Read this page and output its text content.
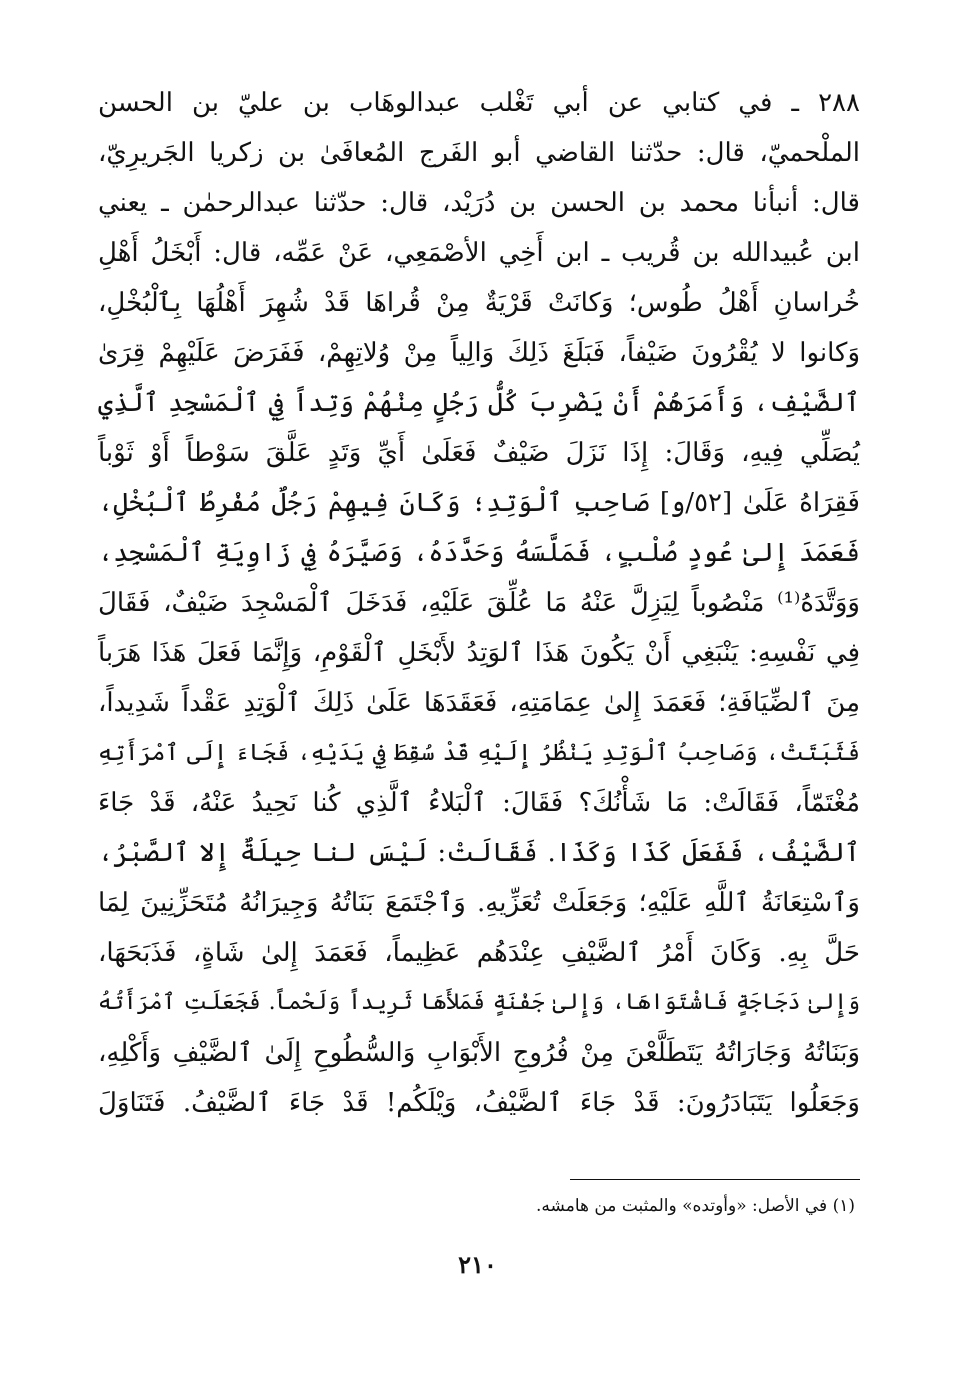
٢٨٨ ـ في كتابي عن أبي تَغْلب عبدالوهَاب بن عليّ بن الحسن
الملْحميّ، قال: حدّثنا القاضي أبو الفَرج المُعافَىٰ بن زكريا الجَريرِيّ،
قال: أنبأنا محمد بن الحسن بن دُرَيْد، قال: حدّثنا عبدالرحمٰن ـ يعني
ابن عُبيدالله بن قُريب ـ ابن أَخِي الأصْمَعِي، عَنْ عَمِّه، قال: أَبْخَلُ أَهْلِ
خُراسانِ أَهْلُ طُوس؛ وَكانَتْ قَرْيَةٌ مِنْ قُراهَا قَدْ شُهِرَ أَهْلُهَا بِٱلْبُخْلِ،
وَكانوا لا يُقْرُونَ ضَيْفاً، فَبَلَغَ ذَلِكَ وَالِياً مِنْ وُلاتِهِمْ، فَفَرَضَ عَلَيْهِمْ قِرَىٰ
ٱلضَّيْفِ، وَأَمَرَهُمْ أَنْ يَضْرِبَ كُلُّ رَجُلٍ مِنْهُمْ وَتِداً فِي ٱلْمَسْجِدِ ٱلَّذِي
يُصَلِّي فِيهِ، وَقَالَ: إِذَا نَزَلَ ضَيْفٌ فَعَلَىٰ أَيِّ وَتَدٍ عَلَّقَ سَوْطاً أَوْ ثَوْباً
فَقِرَاهُ عَلَىٰ [٥٢/و] صَاحِبِ ٱلْوَتِدِ؛ وَكَانَ فِيهِمْ رَجُلٌ مُفْرِطُ ٱلْبُخْلِ،
فَعَمَدَ إِلىٰ عُودٍ صُلْبٍ، فَمَلَّسَهُ وَحَدَّدَهُ، وَصَيَّرَهُ فِي زَاوِيَةِ ٱلْمَسْجِدِ،
وَوَتَّدَهُ⁽¹⁾ مَنْصُوباً لِيَزِلَّ عَنْهُ مَا عُلِّقَ عَلَيْهِ، فَدَخَلَ ٱلْمَسْجِدَ ضَيْفٌ، فَقَالَ
فِي نَفْسِهِ: يَنْبَغِي أَنْ يَكُونَ هَذَا ٱلوَتِدُ لأَبْخَلِ ٱلْقَوْمِ، وَإِنَّمَا فَعَلَ هَذَا هَرَباً
مِنَ ٱلضِّيَافَةِ؛ فَعَمَدَ إِلىٰ عِمَامَتِهِ، فَعَقَدَهَا عَلَىٰ ذَلِكَ ٱلْوَتِدِ عَقْداً شَدِيداً،
فَثَبَتَتْ، وَصَاحِبُ ٱلْوَتِدِ يَنْظُرُ إِلَيْهِ قَدْ سُقِطَ فِي يَدَيْهِ، فَجَاءَ إِلَى ٱمْرَأَتِهِ
مُغْتَمّاً، فَقَالَتْ: مَا شَأْنُكَ؟ فَقَالَ: ٱلْبَلاءُ ٱلَّذِي كُنا نَحِيدُ عَنْهُ، قَدْ جَاءَ
ٱلضَّيْفُ، فَفَعَلَ كَذَا وَكَذَا. فَقَالَتْ: لَيْسَ لنا حِيلَةٌ إِلا ٱلصَّبْرُ،
وَٱسْتِعَانَةُ ٱللَّهِ عَلَيْهِ؛ وَجَعَلَتْ تُعَزِّيهِ. وَٱجْتَمَعَ بَنَاتُهُ وَجِيرَانُهُ مُتَحَزِّنِينَ لِمَا
حَلَّ بِهِ. وَكَانَ أَمْرُ ٱلضَّيْفِ عِنْدَهُم عَظِيماً، فَعَمَدَ إِلىٰ شَاةٍ، فَذَبَحَهَا،
وَإِلىٰ دَجَاجَةٍ فَاشْتَوَاهَا، وَإِلىٰ جَفْنَةٍ فَمَلأَهَا ثَرِيداً وَلَحْماً. فَجَعَلَتِ ٱمْرَأَتُهُ
وَبَنَاتُهُ وَجَارَاتُهُ يَتَطَلَّعْنَ مِنْ فُرُوجِ الأَبْوَابِ وَالسُّطُوحِ إِلَىٰ ٱلضَّيْفِ وَأَكْلِهِ،
وَجَعَلُوا يَتَبَادَرُونَ: قَدْ جَاءَ ٱلضَّيْفُ، وَيْلَكُم! قَدْ جَاءَ ٱلضَّيْفُ. فَتَنَاوَلَ
(١) في الأصل: «وأوتده» والمثبت من هامشه.
٢١٠
